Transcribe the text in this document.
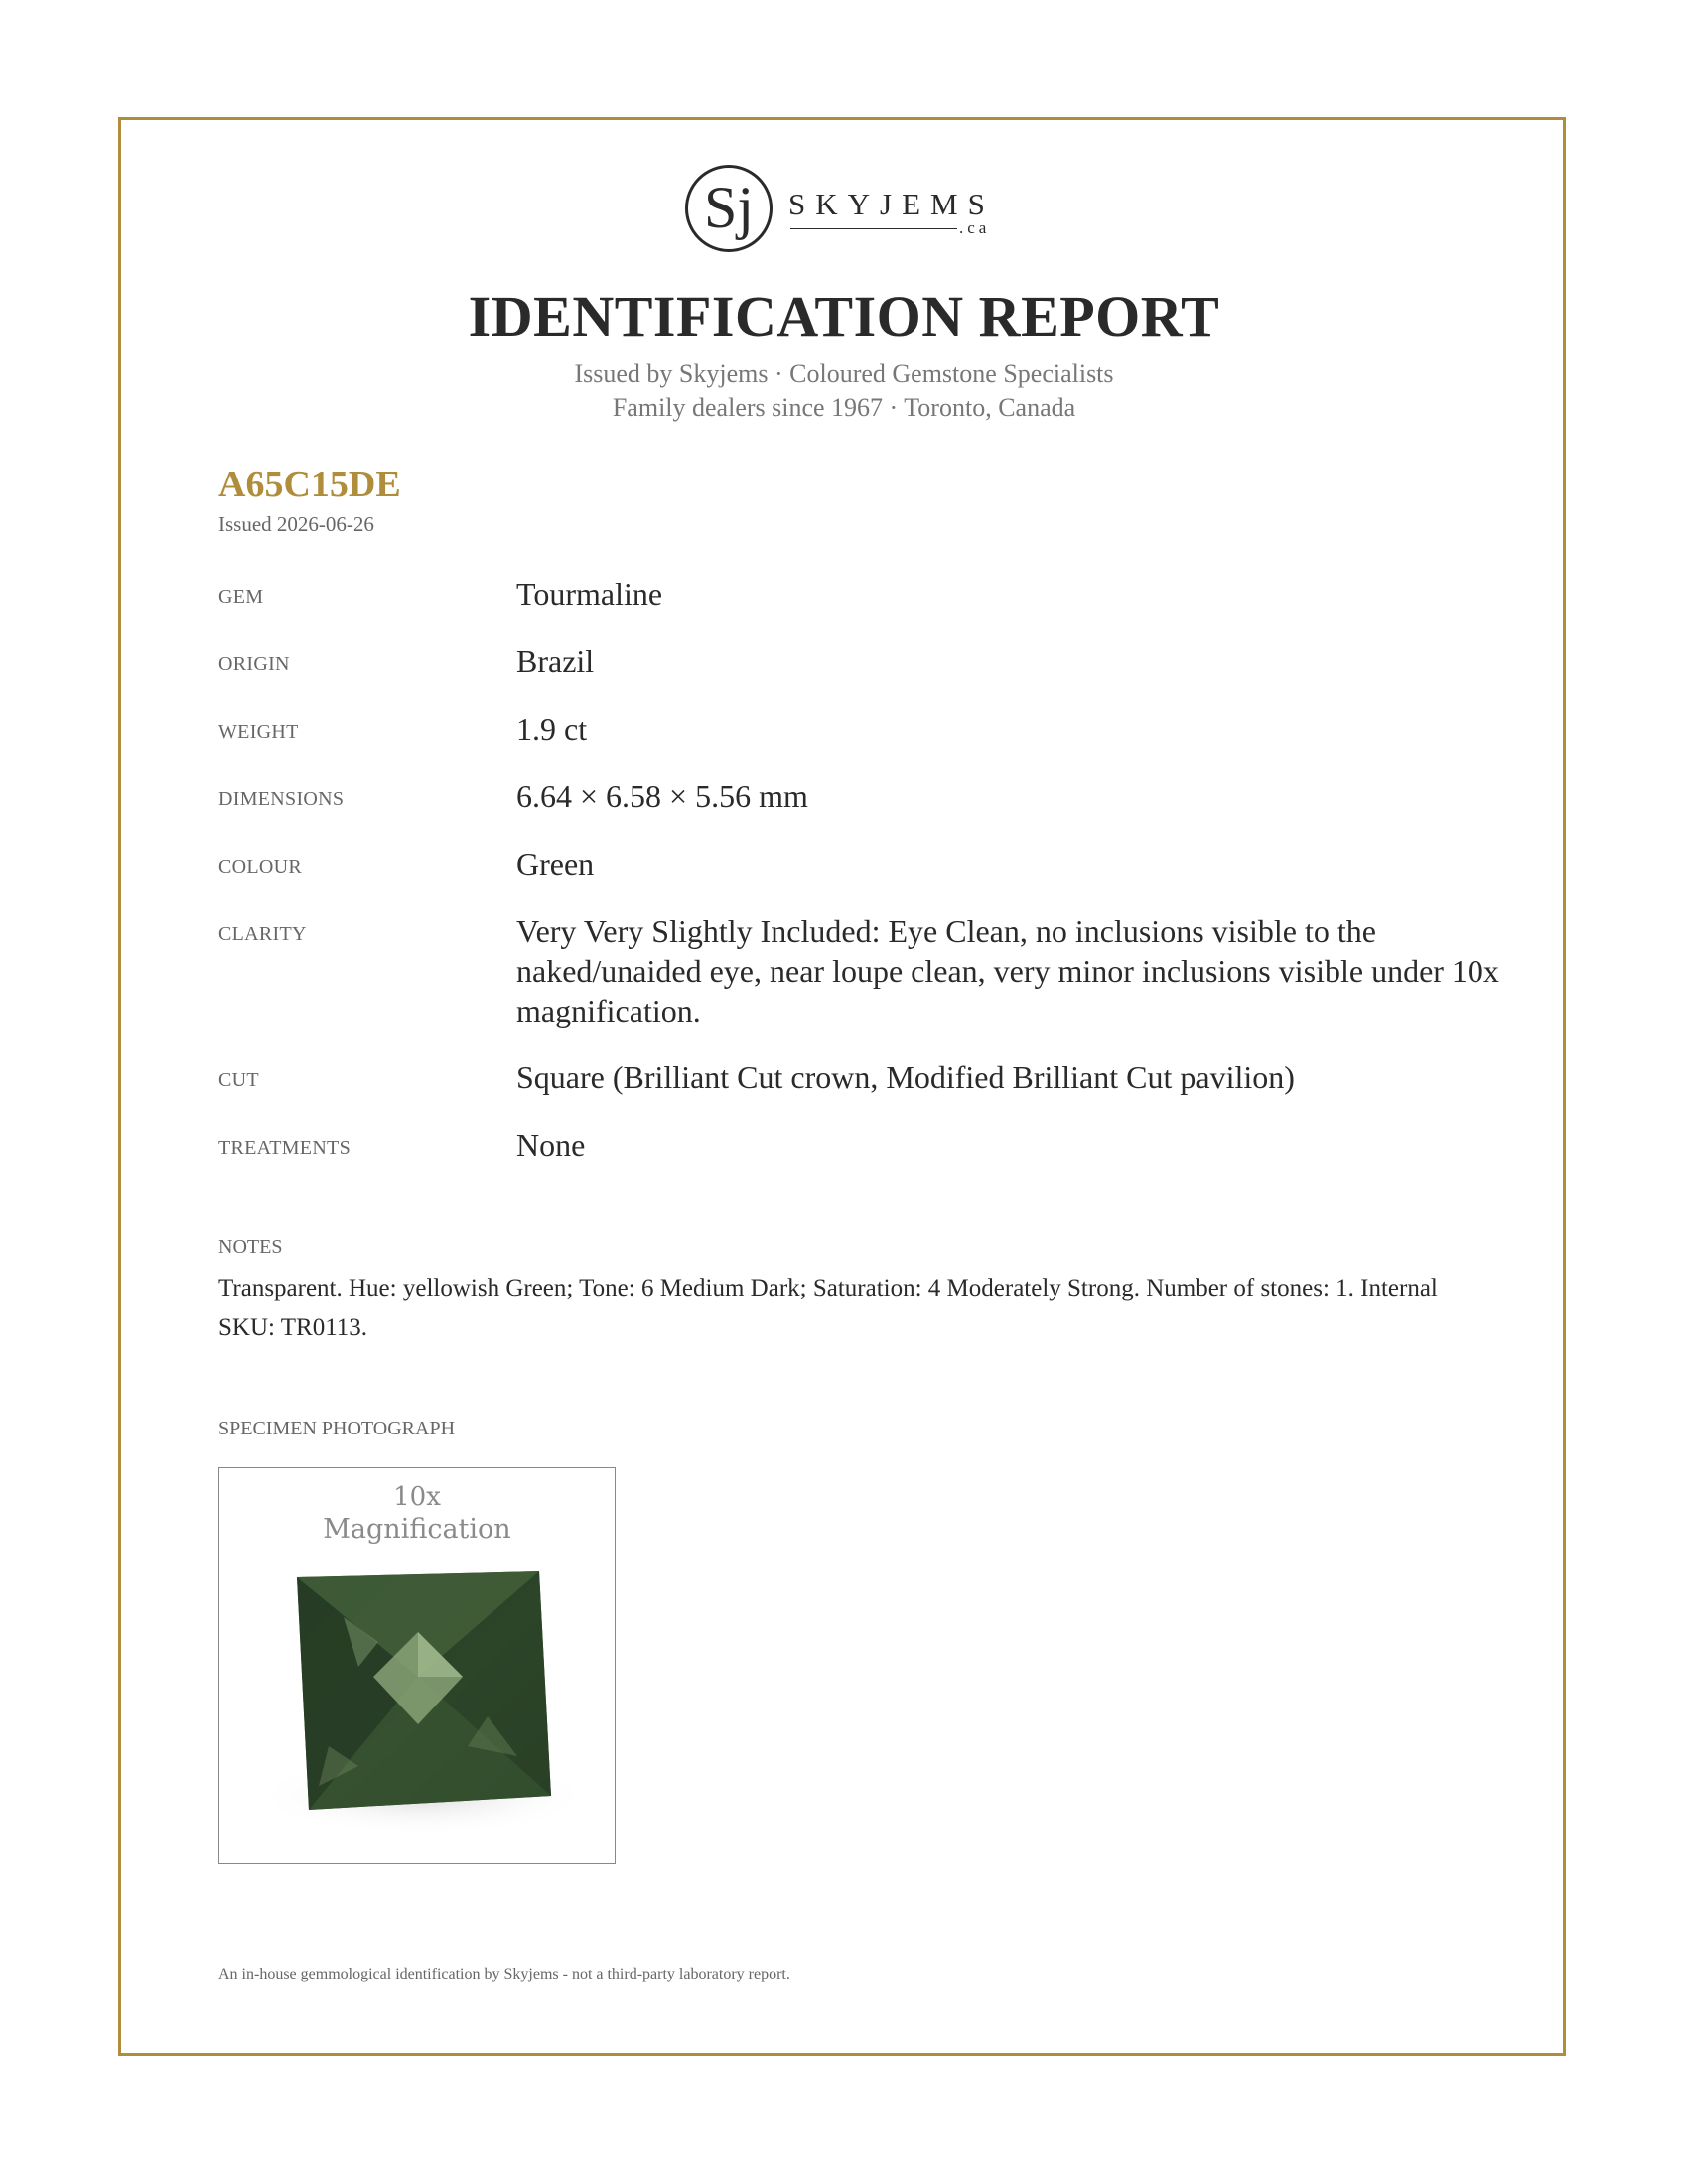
Sj	SKYJEMS
.ca
IDENTIFICATION REPORT
Issued by Skyjems · Coloured Gemstone Specialists
Family dealers since 1967 · Toronto, Canada
A65C15DE
Issued 2026-06-26
GEM	Tourmaline
ORIGIN	Brazil
WEIGHT	1.9 ct
DIMENSIONS	6.64 × 6.58 × 5.56 mm
COLOUR	Green
CLARITY	Very Very Slightly Included: Eye Clean, no inclusions visible to the naked/unaided eye, near loupe clean, very minor inclusions visible under 10x magnification.
CUT	Square (Brilliant Cut crown, Modified Brilliant Cut pavilion)
TREATMENTS	None
NOTES
Transparent. Hue: yellowish Green; Tone: 6 Medium Dark; Saturation: 4 Moderately Strong. Number of stones: 1. Internal SKU: TR0113.
SPECIMEN PHOTOGRAPH
10x
Magnification
An in-house gemmological identification by Skyjems - not a third-party laboratory report.
